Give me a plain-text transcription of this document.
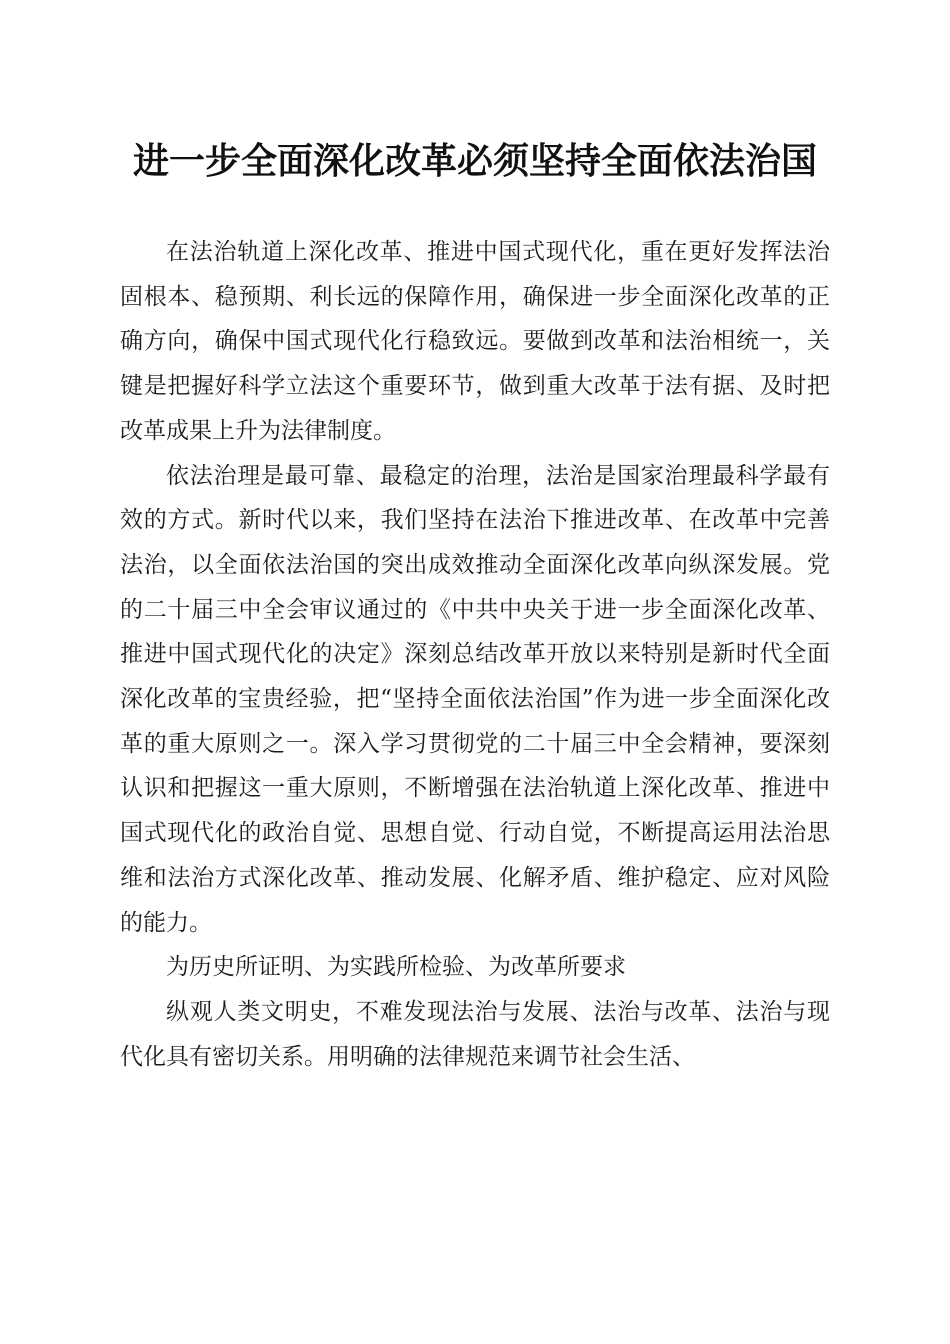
进一步全面深化改革必须坚持全面依法治国

在法治轨道上深化改革、推进中国式现代化，重在更好发挥法治固根本、稳预期、利长远的保障作用，确保进一步全面深化改革的正确方向，确保中国式现代化行稳致远。要做到改革和法治相统一，关键是把握好科学立法这个重要环节，做到重大改革于法有据、及时把改革成果上升为法律制度。

依法治理是最可靠、最稳定的治理，法治是国家治理最科学最有效的方式。新时代以来，我们坚持在法治下推进改革、在改革中完善法治，以全面依法治国的突出成效推动全面深化改革向纵深发展。党的二十届三中全会审议通过的《中共中央关于进一步全面深化改革、推进中国式现代化的决定》深刻总结改革开放以来特别是新时代全面深化改革的宝贵经验，把“坚持全面依法治国”作为进一步全面深化改革的重大原则之一。深入学习贯彻党的二十届三中全会精神，要深刻认识和把握这一重大原则，不断增强在法治轨道上深化改革、推进中国式现代化的政治自觉、思想自觉、行动自觉，不断提高运用法治思维和法治方式深化改革、推动发展、化解矛盾、维护稳定、应对风险的能力。

为历史所证明、为实践所检验、为改革所要求

纵观人类文明史，不难发现法治与发展、法治与改革、法治与现代化具有密切关系。用明确的法律规范来调节社会生活、
